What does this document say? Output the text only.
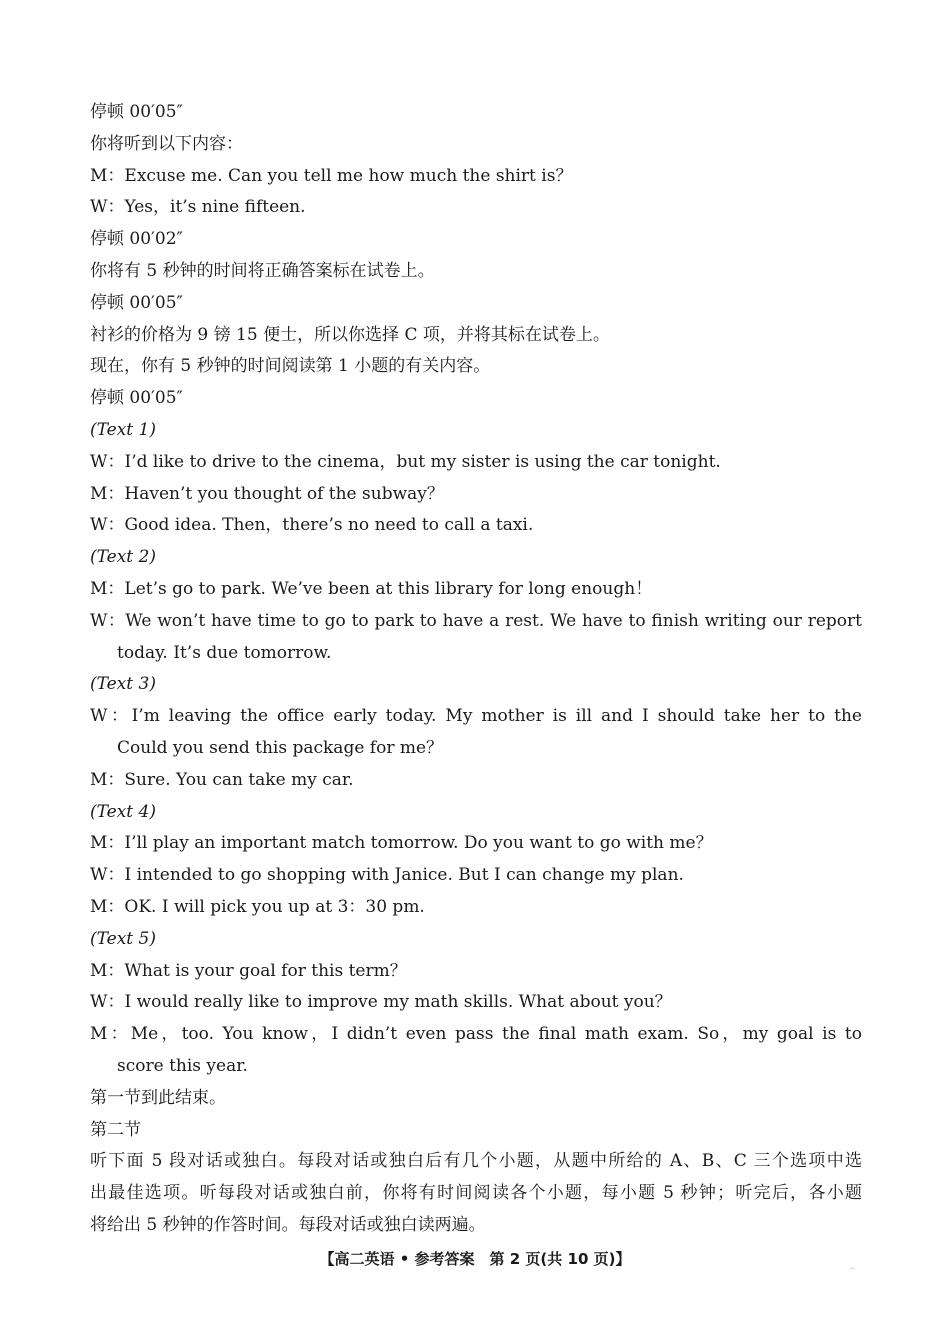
停顿 00′05″
你将听到以下内容：
M：Excuse me. Can you tell me how much the shirt is？
W：Yes，it’s nine fifteen.
停顿 00′02″
你将有 5 秒钟的时间将正确答案标在试卷上。
停顿 00′05″
衬衫的价格为 9 镑 15 便士，所以你选择 C 项，并将其标在试卷上。
现在，你有 5 秒钟的时间阅读第 1 小题的有关内容。
停顿 00′05″
(Text 1)
W：I’d like to drive to the cinema，but my sister is using the car tonight.
M：Haven’t you thought of the subway？
W：Good idea. Then，there’s no need to call a taxi.
(Text 2)
M：Let’s go to park. We’ve been at this library for long enough！
W：We won’t have time to go to park to have a rest. We have to finish writing our report
today. It’s due tomorrow.
(Text 3)
W：I’m leaving the office early today. My mother is ill and I should take her to the
Could you send this package for me？
M：Sure. You can take my car.
(Text 4)
M：I’ll play an important match tomorrow. Do you want to go with me？
W：I intended to go shopping with Janice. But I can change my plan.
M：OK. I will pick you up at 3：30 pm.
(Text 5)
M：What is your goal for this term？
W：I would really like to improve my math skills. What about you？
M：Me，too. You know，I didn’t even pass the final math exam. So，my goal is to
score this year.
第一节到此结束。
第二节
听下面 5 段对话或独白。每段对话或独白后有几个小题，从题中所给的 A、B、C 三个选项中选
出最佳选项。听每段对话或独白前，你将有时间阅读各个小题，每小题 5 秒钟；听完后，各小题
将给出 5 秒钟的作答时间。每段对话或独白读两遍。
【高二英语 • 参考答案　第 2 页(共 10 页)】	..
